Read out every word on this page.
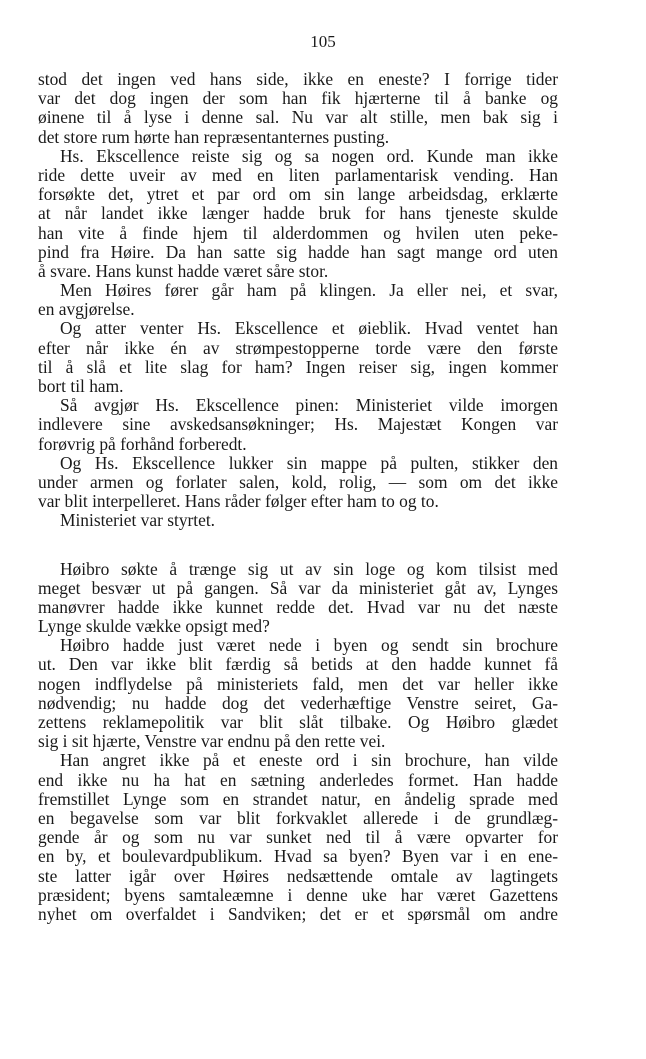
105
stod det ingen ved hans side, ikke en eneste? I forrige tider
var det dog ingen der som han fik hjærterne til å banke og
øinene til å lyse i denne sal. Nu var alt stille, men bak sig i
det store rum hørte han repræsentanternes pusting.
Hs. Ekscellence reiste sig og sa nogen ord. Kunde man ikke
ride dette uveir av med en liten parlamentarisk vending. Han
forsøkte det, ytret et par ord om sin lange arbeidsdag, erklærte
at når landet ikke længer hadde bruk for hans tjeneste skulde
han vite å finde hjem til alderdommen og hvilen uten peke-
pind fra Høire. Da han satte sig hadde han sagt mange ord uten
å svare. Hans kunst hadde været såre stor.
Men Høires fører går ham på klingen. Ja eller nei, et svar,
en avgjørelse.
Og atter venter Hs. Ekscellence et øieblik. Hvad ventet han
efter når ikke én av strømpestopperne torde være den første
til å slå et lite slag for ham? Ingen reiser sig, ingen kommer
bort til ham.
Så avgjør Hs. Ekscellence pinen: Ministeriet vilde imorgen
indlevere sine avskedsansøkninger; Hs. Majestæt Kongen var
forøvrig på forhånd forberedt.
Og Hs. Ekscellence lukker sin mappe på pulten, stikker den
under armen og forlater salen, kold, rolig, — som om det ikke
var blit interpelleret. Hans råder følger efter ham to og to.
Ministeriet var styrtet.
Høibro søkte å trænge sig ut av sin loge og kom tilsist med
meget besvær ut på gangen. Så var da ministeriet gåt av, Lynges
manøvrer hadde ikke kunnet redde det. Hvad var nu det næste
Lynge skulde vække opsigt med?
Høibro hadde just været nede i byen og sendt sin brochure
ut. Den var ikke blit færdig så betids at den hadde kunnet få
nogen indflydelse på ministeriets fald, men det var heller ikke
nødvendig; nu hadde dog det vederhæftige Venstre seiret, Ga-
zettens reklamepolitik var blit slåt tilbake. Og Høibro glædet
sig i sit hjærte, Venstre var endnu på den rette vei.
Han angret ikke på et eneste ord i sin brochure, han vilde
end ikke nu ha hat en sætning anderledes formet. Han hadde
fremstillet Lynge som en strandet natur, en åndelig sprade med
en begavelse som var blit forkvaklet allerede i de grundlæg-
gende år og som nu var sunket ned til å være opvarter for
en by, et boulevardpublikum. Hvad sa byen? Byen var i en ene-
ste latter igår over Høires nedsættende omtale av lagtingets
præsident; byens samtaleæmne i denne uke har været Gazettens
nyhet om overfaldet i Sandviken; det er et spørsmål om andre
